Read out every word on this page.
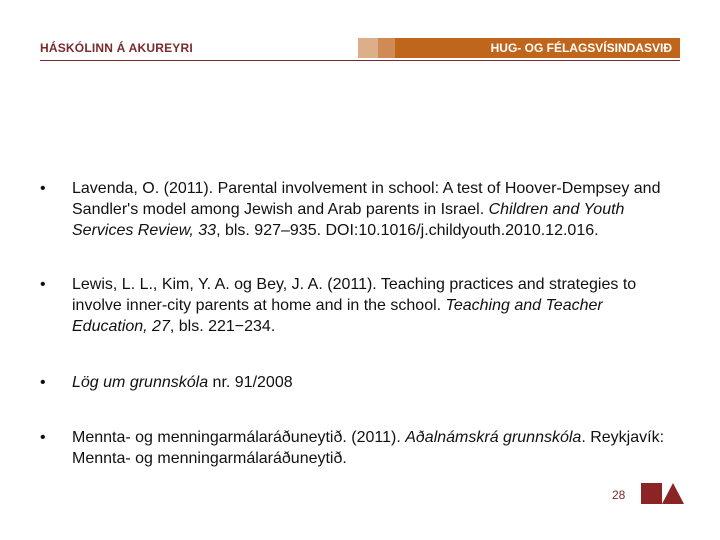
HÁSKÓLINN Á AKUREYRI	HUG- OG FÉLAGSVÍSINDASVIÐ
• Lavenda, O. (2011). Parental involvement in school: A test of Hoover-Dempsey and Sandler's model among Jewish and Arab parents in Israel. Children and Youth Services Review, 33, bls. 927–935. DOI:10.1016/j.childyouth.2010.12.016.
• Lewis, L. L., Kim, Y. A. og Bey, J. A. (2011). Teaching practices and strategies to involve inner-city parents at home and in the school. Teaching and Teacher Education, 27, bls. 221−234.
• Lög um grunnskóla nr. 91/2008
• Mennta- og menningarmálaráðuneytið. (2011). Aðalnámskrá grunnskóla. Reykjavík: Mennta- og menningarmálaráðuneytið.
28
